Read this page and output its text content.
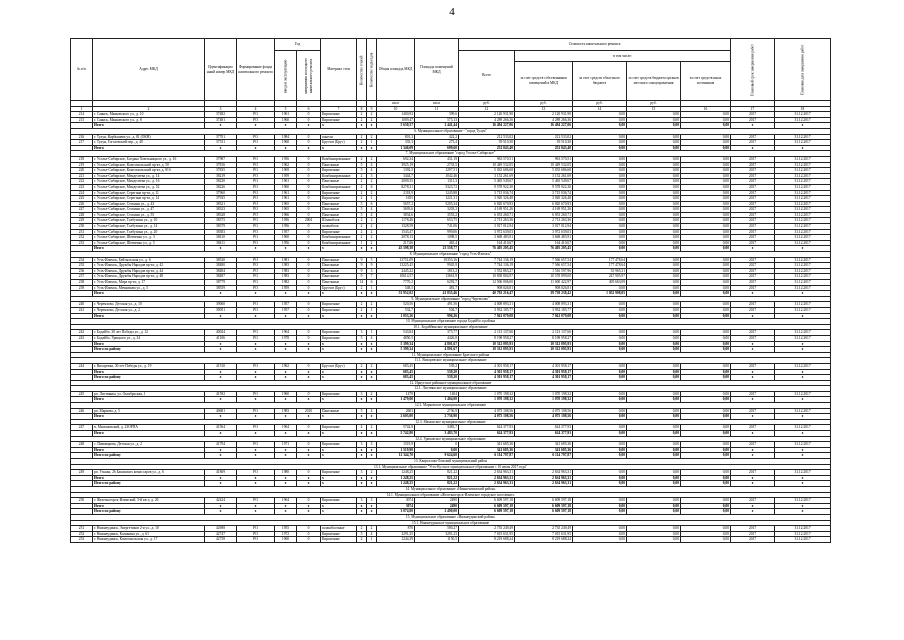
4
№ п/п	Адрес МКД	Идентификацио нный номер МКД	Формирование фонда капитального ремонта	Год		Материал стен	Количество этажей	Количество подъездов	Общая площадь МКД	Площадь помещений МКД	Стоимость капитального ремонта					Плановый срок завершения работ	Плановая дата завершения работ
				ввода в эксплуатацию	завершения последнего капитального ремонта						Всего	в том числе:					
												за счет средств собственников помещений в МКД	за счет средств областного бюджета	за счет средств бюджета органов местного самоуправления	за счет средств иных источников		
									кв.м	кв.м	руб.	руб.	руб.	руб.			
1	2	3	4	5	6	7	8	9	10	11	12	13	14	15	16	17	18
214	г. Саянск, Маяковского ул., д. 10	37482	РО	1961	0	Кирпичные	2	2	1400,92	399,6	2 120 931,90	2 120 931,90	0,00	0,00	0,00	2017	31.12.2017
215	г. Саянск, Маяковского ул., д. 8	37481	РО	1960	0	Кирпичные	2	2	1009,47	575,13	4 289 266,36	4 289 266,36	0,00	0,00	0,00	2017	31.12.2017
	Итого	х	х	х	х	х	х	х	5 630,57	2 441,44	16 494 227,06	16 494 227,06	0,00	0,00	0,00	х	х
6. Муниципальное образование - "город Тулун"																	
216	г. Тулун, Карбышева ул., д. 81 (ОКН)	37701	РО	1984	0	панелн	2	2	801,3	422,2	212 533,02	212 533,02	0,00	0,00	0,00	2017	31.12.2017
217	г. Тулун, Гоголевский пер., д. 40	37531	РО	1960	0	Брусчат (Брус)	2	1	335,3	273,4	39 510,30	39 510,30	0,00	0,00	0,00	2017	31.12.2017
	Итого	х	х	х	х	х	х	х	1 346,09	699,60	252 043,40	252 043,40	0,00	0,00	0,00	х	х
7. Муниципальное образование "город Усолье-Сибирское"																	
218	г. Усолье-Сибирское, Богдана Хмельницкого ул., д. 16	37987	РО	1956	0	Комбинированные	2	2	692,34	431,19	963 570,51	963 570,51	0,00	0,00	0,00	2017	31.12.2017
219	г. Усолье-Сибирское, Комсомольский пр-кт, д. 50	37816	РО	1962	0	Панельные	5	4	3925,19	2733,5	10 449 532,05	10 449 532,05	0,00	0,00	0,00	2017	31.12.2017
220	г. Усолье-Сибирское, Комсомольский пр-кт, д. 81б	37835	РО	1969	0	Кирпичные	5	4	1392,5	1297,51	5 035 686,68	5 035 686,68	0,00	0,00	0,00	2017	31.12.2017
221	г. Усолье-Сибирское, Менделеева ул., д. 14	38219	РО	1959	0	Комбинированные	2	3	3444,7	1042,46	3 152 261,69	3 152 261,69	0,00	0,00	0,00	2017	31.12.2017
222	г. Усолье-Сибирское, Менделеева ул., д. 16	38220	РО	1961	0	Панельные	2	2	2009,35	1311,3	5 465 549,67	5 465 549,67	0,00	0,00	0,00	2017	31.12.2017
223	г. Усолье-Сибирское, Менделеева ул., д. 52	38226	РО	1960	0	Комбинированные	4	6	8278,31	5323,72	9 578 922,30	9 578 922,30	0,00	0,00	0,00	2017	31.12.2017
224	г. Усолье-Сибирское, Серегина пр-кт, д. 11	37960	РО	1961	0	Кирпичные	2	2	2118,9	1245,88	3 715 036,74	3 715 036,74	0,00	0,00	0,00	2017	31.12.2017
225	г. Усолье-Сибирское, Серегина пр-кт, д. 14	37935	РО	1961	0	Кирпичные	2	1	1655	1221,31	3 920 326,48	3 920 326,48	0,00	0,00	0,00	2017	31.12.2017
226	г. Усолье-Сибирское, Стопани ул., д. 43	38321	РО	1965	0	Панельные	5	6	5657,2	5205,34	6 820 670,93	6 820 670,93	0,00	0,00	0,00	2017	31.12.2017
227	г. Усолье-Сибирское, Стопани ул., д. 47	38323	РО	1965	0	Панельные	5	4	3693,6	3203,3	4 169 951,26	4 169 951,26	0,00	0,00	0,00	2017	31.12.2017
228	г. Усолье-Сибирское, Стопани ул., д. 55	38328	РО	1966	0	Панельные	5	4	3834,6	3553,2	6 053 260,71	6 053 260,71	0,00	0,00	0,00	2017	31.12.2017
229	г. Усолье-Сибирское, Толбухина ул., д. 10	38375	РО	1956	2004	Шлакоблок	2	2	1178,46	653,75	2 713 263,36	2 713 263,36	0,00	0,00	0,00	2017	31.12.2017
230	г. Усолье-Сибирское, Толбухина ул., д. 14	38379	РО	1956	0	шлакоблок	2	2	1328,58	741,06	3 017 012,94	3 017 012,94	0,00	0,00	0,00	2017	31.12.2017
231	г. Усолье-Сибирское, Толбухина ул., д. 20	38383	РО	1957	0	Кирпичные	2	2	1543,47	999,06	3 972 639,03	3 972 639,03	0,00	0,00	0,00	2017	31.12.2017
232	г. Усолье-Сибирское, Шевченко ул., д. 3	38410	РО	1960	0	Комбинированные	2	2	2078,13	1098,5	3 668 483,91	3 668 483,91	0,00	0,00	0,00	2017	31.12.2017
233	г. Усолье-Сибирское, Шевченко ул., д. 5	38411	РО	1956	0	Комбинированные	1	2	217,66	465,4	164 410,67	164 410,67	0,00	0,00	0,00	2017	31.12.2017
	Итого	х	х	х	х	х	х	х	45 598,38	23 558,77	76 405 205,45	76 405 205,45	0,00	0,00	0,00	х	х
8. Муниципальное образование "город Усть-Илимск"																	
234	г. Усть-Илимск, Бейтыльская ул., д. 6	38520	РО	1981	0	Панельные	9	5	13751,09	10353,16	7 744 136,19	7 566 657,54	177 478,64	0,00	0,00	2017	31.12.2017
235	г. Усть-Илимск, Дружбы Народов пр-кт, д. 42	38480	РО	1983	0	Панельные	9	9	13225,45	9945,9	7 744 136,19	7 566 657,54	177 478,64	0,00	0,00	2017	31.12.2017
236	г. Усть-Илимск, Дружбы Народов пр-кт, д. 44	38484	РО	1983	0	Панельные	9	3	2445,22	1813,2	1 552 863,27	1 516 597,96	35 965,31	0,00	0,00	2017	31.12.2017
237	г. Усть-Илимск, Дружбы Народов пр-кт, д. 48	38487	РО	1983	0	Панельные	9	7	10614,57	13661,9	10 838 804,97	10 578 899,00	247 905,97	0,00	0,00	2017	31.12.2017
238	г. Усть-Илимск, Мира пр-кт, д. 17	38779	РО	1982	0	Панельные	14	6	7770,2	6292,7	12 506 006,00	11 600 422,97	405 663,09	0,00	0,00	2017	31.12.2017
239	г. Усть-Илимск, Мечникова ул., д. 5	38559	РО	1959	0	Брусчат (Брус)	2	1	548,5	481,7	908 026,81	908 026,81	0,00	0,00	0,00	2017	31.12.2017
	Итого	х	х	х	х	х	х	х	53 952,02	41 835,46	40 792 216,47	39 739 238,42	1 052 908,05	0,00	0,00	х	х
9. Муниципальное образование "город Черемхово"																	
240	г. Черемхово, Детская ул., д. 10	39060	РО	1957	0	Кирпичные	2	2	520,56	491,56	4 008 893,31	4 008 893,31	0,00	0,00	0,00	2017	31.12.2017
241	г. Черемхово, Детская ул., д. 2	39051	РО	1957	0	Кирпичные	2	1	532,7	504,7	3 932 185,77	3 932 185,77	0,00	0,00	0,00	2017	31.12.2017
	Итого	х	х	х	х	х	х	х	1 053,26	996,26	7 941 079,08	7 941 079,08	0,00	0,00	0,00	х	х
10. Муниципальное образование города Бодайбо и района																	
10.1. Бодайбинское муниципальное образование																	
242	г. Бодайбо, 30 лет Победы ул., д. 12	40024	РО	1964	0	Кирпичные	3	1	543,84	375,77	2 113 137,66	2 113 137,66	0,00	0,00	0,00	2017	31.12.2017
243	г. Бодайбо, Урицкого ул., д. 34	41106	РО	1978	0	Кирпичные	5	4	4850,5	4426,8	8 198 958,27	8 198 958,27	0,00	0,00	0,00	2017	31.12.2017
	Итого	х	х	х	х	х	х	х	5 399,34	4 801,67	10 312 095,93	10 312 095,93	0,00	0,00	0,00	х	х
	Итого по району	х	х	х	х	х	х	х	5 399,34	4 801,67	10 312 095,93	10 312 095,93	0,00	0,00	0,00	х	х
11. Муниципальное образование Братского района																	
11.1. Вихоревское муниципальное образование																	
244	г. Вихоревка, 30 лет Победы ул., д. 19	41510	РО	1962	0	Брусчат (Брус)	2	2	683,45	539,2	4 301 958,17	4 301 958,17	0,00	0,00	0,00	2017	31.12.2017
	Итого	х	х	х	х	х	х	х	683,45	539,20	4 301 958,17	4 301 958,17	0,00	0,00	0,00	х	х
	Итого по району	х	х	х	х	х	х	х	683,45	539,20	4 301 958,17	4 301 958,17	0,00	0,00	0,00	х	х
12. Иркутское районное муниципальное образование																	
12.1. Листвянское муниципальное образование																	
245	рп. Листвянка, ул. Октябрьская, 1	41592	РО	1960	0	Кирпичные	3	2	1479	1404	1 070 198,32	1 070 198,32	0,00	0,00	0,00	2017	31.12.2017
	Итого	х	х	х	х	х	х	х	1 479,00	1 404,00	1 070 198,32	1 070 198,32	0,00	0,00	0,00	х	х
12.2. Марковское муниципальное образование																	
246	рп. Маркова, д. 5	40681	РО	1983	2010	Панельные	5	4	2603	2736,9	4 075 108,56	4 075 108,56	0,00	0,00	0,00	2017	31.12.2017
	Итого	х	х	х	х	х	х	х	2 603,00	2 736,90	4 075 108,56	4 075 108,56	0,00	0,00	0,00	х	х
12.3. Мамонское муниципальное образование																	
247	п. Мамоновский, д. 23ОРПА	41564	РО	1964	0	Кирпичные	4	2	5742,8	3483,7	624 377,93	624 377,93	0,00	0,00	0,00	2017	31.12.2017
	Итого	х	х	х	х	х	х	х	5 742,80	3 483,70	624 377,93	624 377,93	0,00	0,00	0,00	х	х
12.4. Уриковское муниципальное образование																	
248	с. Пивоварова, Детская ул., д. 2	41794	РО	1971	0	Кирпичные	3	3	1519,9	0	341 685,36	341 685,36	0,00	0,00	0,00	2017	31.12.2017
	Итого	х	х	х	х	х	х	х	1 519,90	0,00	341 685,36	341 685,36	0,00	0,00	0,00	х	х
	Итого по району	х	х	х	х	х	х	х	12 344,70	9 624,60	6 114 797,87	6 114 797,87	0,00	0,00	0,00	х	х
13. Кварталова-Ленский муниципальный район																	
13.1. Муниципальное образование "Усть-Кутское муниципальное образование с 10 июля 2017 года"																	
249	рп. Улькан, 26 Бакинских комиссаров ул., д. 6	41869	РО	1980	0	Кирпичные	3	2	1248,25	821,22	2 634 963,31	2 634 963,31	0,00	0,00	0,00	2017	31.12.2017
	Итого	х	х	х	х	х	х	х	1 248,25	821,22	2 634 963,31	2 634 963,31	0,00	0,00	0,00	х	х
	Итого по району	х	х	х	х	х	х	х	1 248,25	821,22	2 634 963,31	2 634 963,31	0,00	0,00	0,00	х	х
14. Муниципальное образование «Нижнеилимский район»																	
14.1. Муниципальное образование «Железногорск-Илимское городское поселение»																	
250	г. Железногорск-Илимский, 3-й кв-л, д. 26	42424	РО	1964	0	Кирпичные	3	3	3074	2490	6 609 597,18	6 609 597,18	0,00	0,00	0,00	2017	31.12.2017
	Итого	х	х	х	х	х	х	х	3074	2490	6 609 597,18	6 609 597,18	0,00	0,00	0,00	х	х
	Итого по району	х	х	х	х	х	х	х	3 074,00	2 490,00	6 609 597,18	6 609 597,18	0,00	0,00	0,00	х	х
15. Муниципальное образование «Нижнеудинский район»																	
15.1. Нижнеудинское муниципальное образование																	
251	г. Нижнеудинск, Энергетиков 2-я ул., д. 10	42698	РО	1955	0	шлакоблочные	2	2	870	580,27	2 735 249,49	2 735 249,49	0,00	0,00	0,00	2017	31.12.2017
252	г. Нижнеудинск, Калинина ул., д. 61	42747	РО	1972	0	Кирпичные	5	4	3291,25	3291,23	7 015 631,95	7 015 631,95	0,00	0,00	0,00	2017	31.12.2017
253	г. Нижнеудинск, Комсомольская ул., д. 17	42758	РО	1960	0	Кирпичные	2	1	1244,39	1150,5	8 219 688,24	8 219 688,24	0,00	0,00	0,00	2017	31.12.2017
